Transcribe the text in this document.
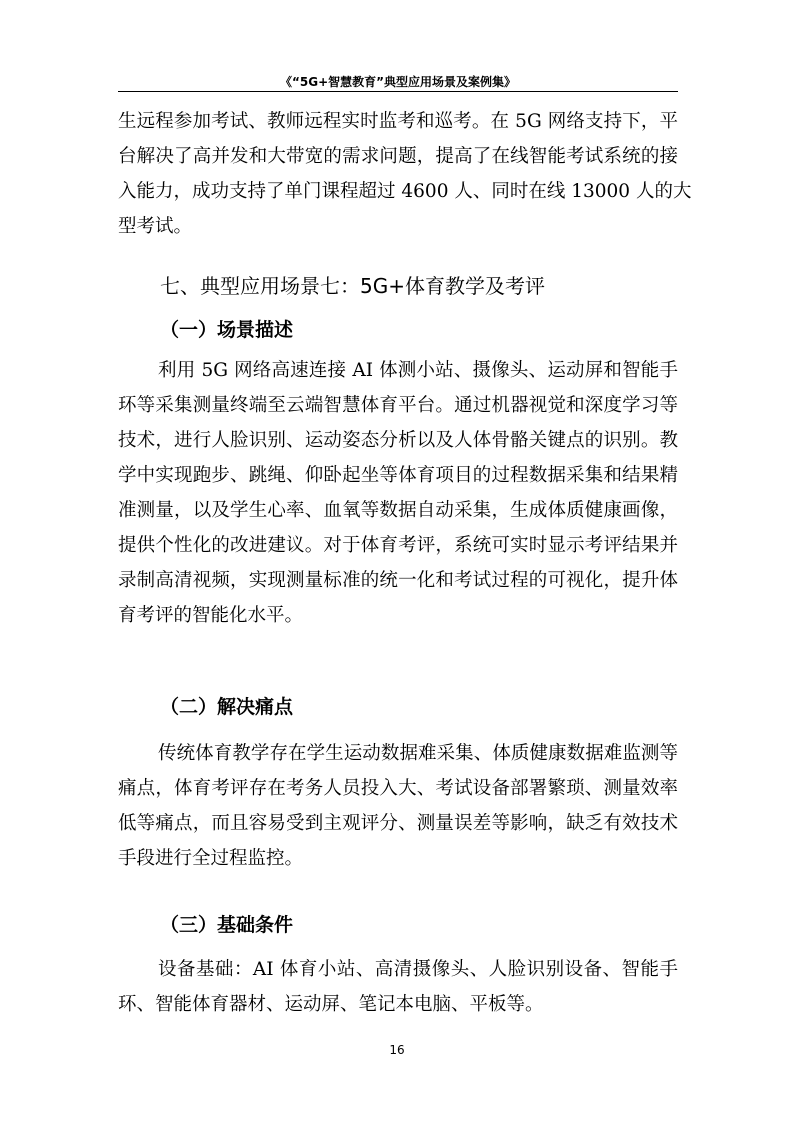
《“5G+智慧教育”典型应用场景及案例集》
生远程参加考试、教师远程实时监考和巡考。在 5G 网络支持下，平
台解决了高并发和大带宽的需求问题，提高了在线智能考试系统的接
入能力，成功支持了单门课程超过 4600 人、同时在线 13000 人的大
型考试。
七、典型应用场景七：5G+体育教学及考评
（一）场景描述
利用 5G 网络高速连接 AI 体测小站、摄像头、运动屏和智能手
环等采集测量终端至云端智慧体育平台。通过机器视觉和深度学习等
技术，进行人脸识别、运动姿态分析以及人体骨骼关键点的识别。教
学中实现跑步、跳绳、仰卧起坐等体育项目的过程数据采集和结果精
准测量，以及学生心率、血氧等数据自动采集，生成体质健康画像，
提供个性化的改进建议。对于体育考评，系统可实时显示考评结果并
录制高清视频，实现测量标准的统一化和考试过程的可视化，提升体
育考评的智能化水平。
（二）解决痛点
传统体育教学存在学生运动数据难采集、体质健康数据难监测等
痛点，体育考评存在考务人员投入大、考试设备部署繁琐、测量效率
低等痛点，而且容易受到主观评分、测量误差等影响，缺乏有效技术
手段进行全过程监控。
（三）基础条件
设备基础：AI 体育小站、高清摄像头、人脸识别设备、智能手
环、智能体育器材、运动屏、笔记本电脑、平板等。
16
